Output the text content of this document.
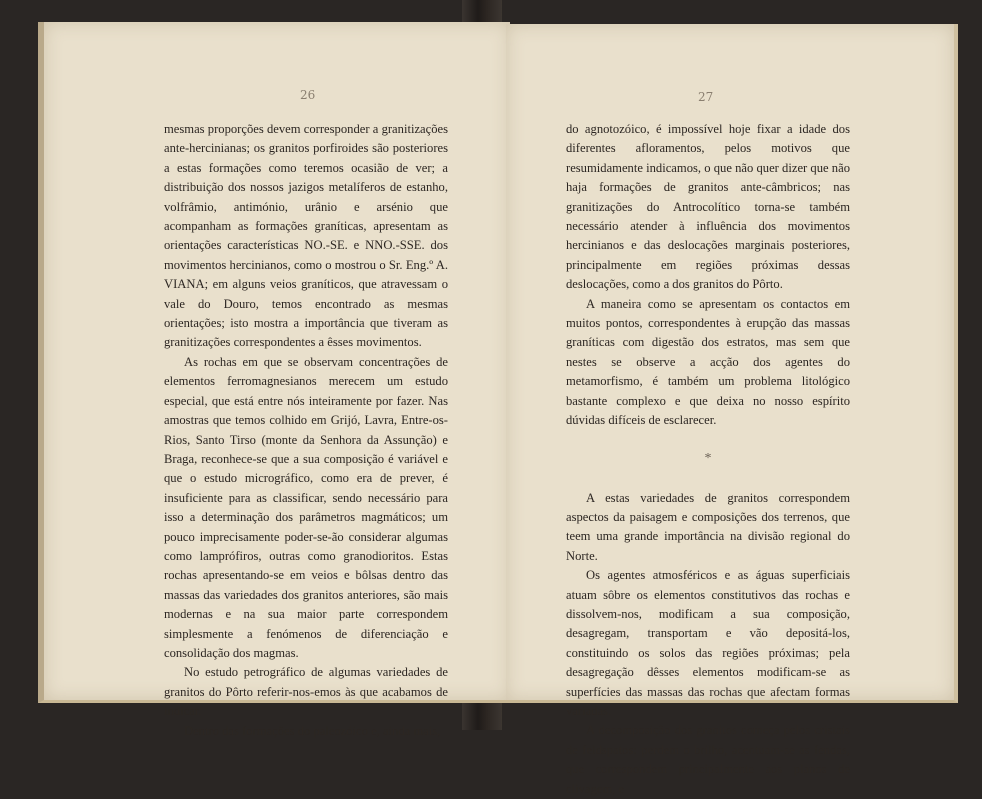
26

mesmas proporções devem corresponder a granitizações ante-hercinianas; os granitos porfiroides são posteriores a estas formações como teremos ocasião de ver; a distribuição dos nossos jazigos metalíferos de estanho, volfrâmio, antimónio, urânio e arsénio que acompanham as formações graníticas, apresentam as orientações características NO.-SE. e NNO.-SSE. dos movimentos hercinianos, como o mostrou o Sr. Eng.º A. VIANA; em alguns veios graníticos, que atravessam o vale do Douro, temos encontrado as mesmas orientações; isto mostra a importância que tiveram as granitizações correspondentes a êsses movimentos.

As rochas em que se observam concentrações de elementos ferromagnesianos merecem um estudo especial, que está entre nós inteiramente por fazer. Nas amostras que temos colhido em Grijó, Lavra, Entre-os-Rios, Santo Tirso (monte da Senhora da Assunção) e Braga, reconhece-se que a sua composição é variável e que o estudo micrográfico, como era de prever, é insuficiente para as classificar, sendo necessário para isso a determinação dos parâmetros magmáticos; um pouco imprecisamente poder-se-ão considerar algumas como lamprófiros, outras como granodioritos. Estas rochas apresentando-se em veios e bôlsas dentro das massas das variedades dos granitos anteriores, são mais modernas e na sua maior parte correspondem simplesmente a fenómenos de diferenciação e consolidação dos magmas.

No estudo petrográfico de algumas variedades de granitos do Pôrto referir-nos-emos às que acabamos de indicar.

Dentro das formações do paleozóico e, ainda mais,

27

do agnotozóico, é impossível hoje fixar a idade dos diferentes afloramentos, pelos motivos que resumidamente indicamos, o que não quer dizer que não haja formações de granitos ante-câmbricos; nas granitizações do Antrocolítico torna-se também necessário atender à influência dos movimentos hercinianos e das deslocações marginais posteriores, principalmente em regiões próximas dessas deslocações, como a dos granitos do Pôrto.

A maneira como se apresentam os contactos em muitos pontos, correspondentes à erupção das massas graníticas com digestão dos estratos, mas sem que nestes se observe a acção dos agentes do metamorfismo, é também um problema litológico bastante complexo e que deixa no nosso espírito dúvidas difíceis de esclarecer.

*

A estas variedades de granitos correspondem aspectos da paisagem e composições dos terrenos, que teem uma grande importância na divisão regional do Norte.

Os agentes atmosféricos e as águas superficiais atuam sôbre os elementos constitutivos das rochas e dissolvem-nos, modificam a sua composição, desagregam, transportam e vão depositá-los, constituindo os solos das regiões próximas; pela desagregação dêsses elementos modificam-se as superfícies das massas das rochas que afectam formas variadas.

A decomposição dos granitos começa pelos cristais de feldspatos: perdem o brilho, acentuam-se as fendas, que correspondem principalmente aos planos de clivagem, e
